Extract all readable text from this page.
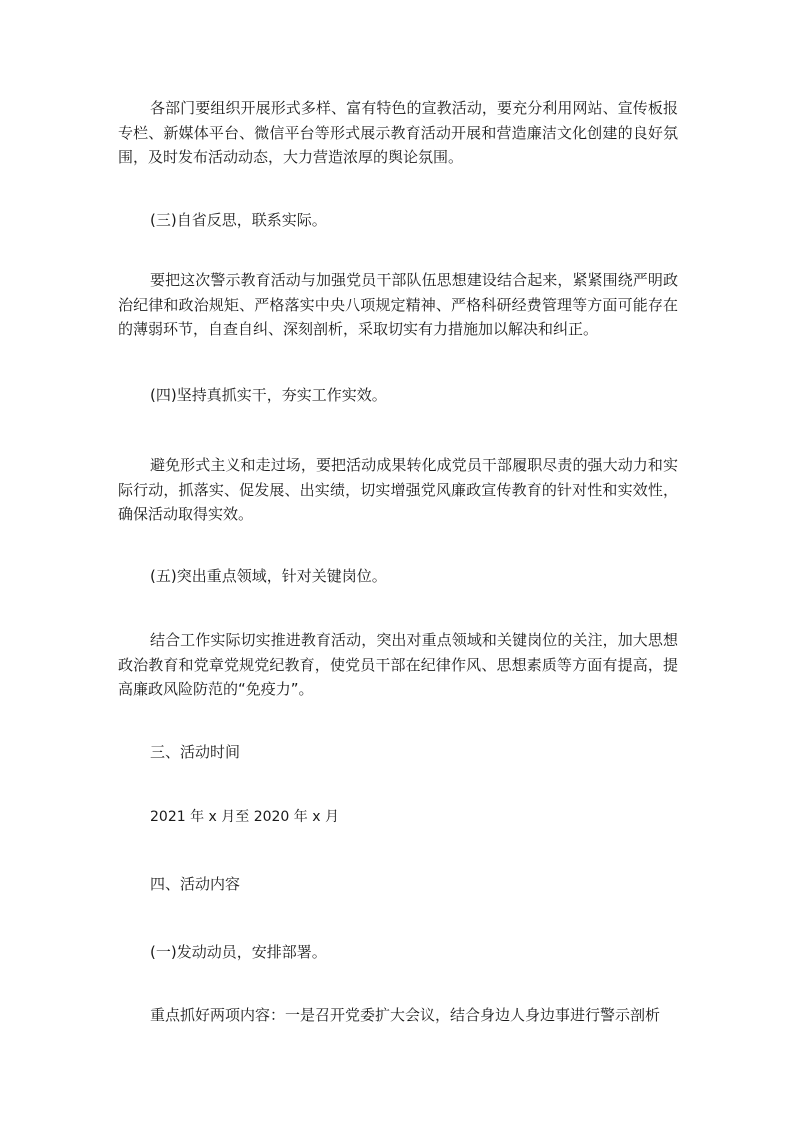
各部门要组织开展形式多样、富有特色的宣教活动，要充分利用网站、宣传板报专栏、新媒体平台、微信平台等形式展示教育活动开展和营造廉洁文化创建的良好氛围，及时发布活动动态，大力营造浓厚的舆论氛围。

(三)自省反思，联系实际。

要把这次警示教育活动与加强党员干部队伍思想建设结合起来，紧紧围绕严明政治纪律和政治规矩、严格落实中央八项规定精神、严格科研经费管理等方面可能存在的薄弱环节，自查自纠、深刻剖析，采取切实有力措施加以解决和纠正。

(四)坚持真抓实干，夯实工作实效。

避免形式主义和走过场，要把活动成果转化成党员干部履职尽责的强大动力和实际行动，抓落实、促发展、出实绩，切实增强党风廉政宣传教育的针对性和实效性，确保活动取得实效。

(五)突出重点领域，针对关键岗位。

结合工作实际切实推进教育活动，突出对重点领域和关键岗位的关注，加大思想政治教育和党章党规党纪教育，使党员干部在纪律作风、思想素质等方面有提高，提高廉政风险防范的“免疫力”。

三、活动时间

2021 年 x 月至 2020 年 x 月

四、活动内容

(一)发动动员，安排部署。

重点抓好两项内容：一是召开党委扩大会议，结合身边人身边事进行警示剖析
